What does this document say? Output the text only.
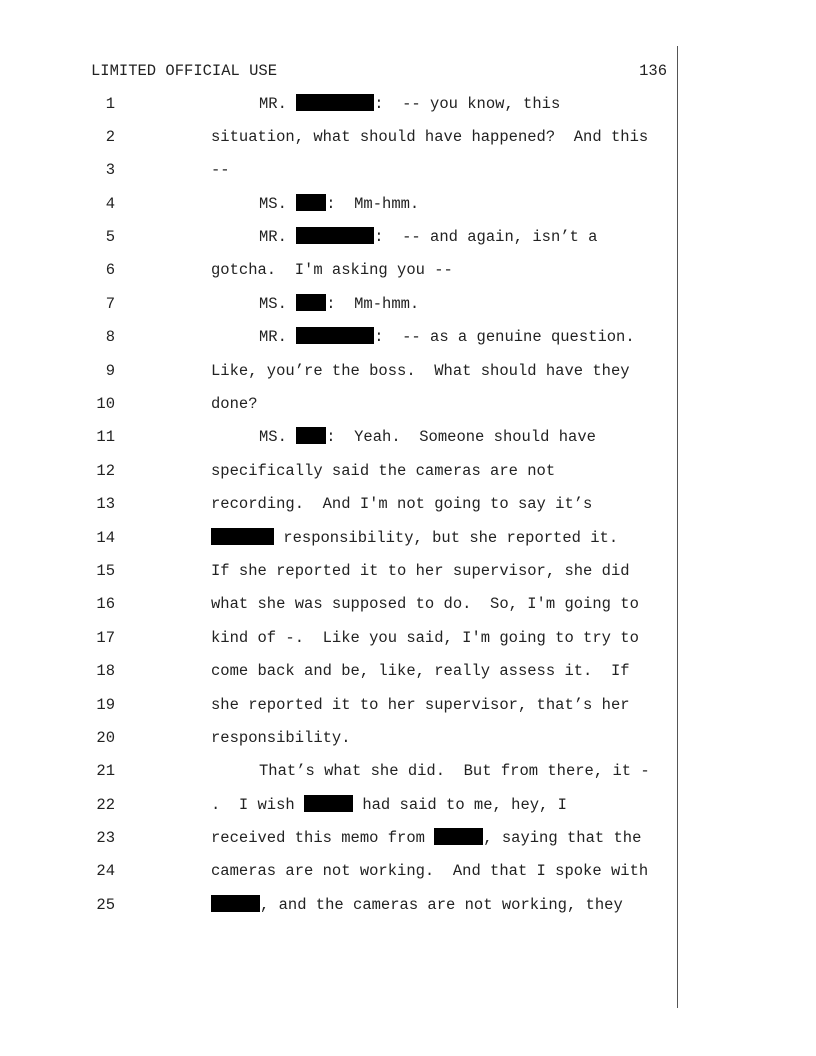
LIMITED OFFICIAL USE	136
1	MR.	:  -- you know, this
2	situation, what should have happened?  And this
3	--
4	MS. :  Mm-hmm.
5	MR.	:  -- and again, isn’t a
6	gotcha.  I'm asking you --
7	MS. :  Mm-hmm.
8	MR.	:  -- as a genuine question.
9	Like, you’re the boss.  What should have they
10	done?
11	MS. :  Yeah.  Someone should have
12	specifically said the cameras are not
13	recording.  And I'm not going to say it’s
14	responsibility, but she reported it.
15	If she reported it to her supervisor, she did
16	what she was supposed to do.  So, I'm going to
17	kind of -.  Like you said, I'm going to try to
18	come back and be, like, really assess it.  If
19	she reported it to her supervisor, that’s her
20	responsibility.
21	That’s what she did.  But from there, it -
22	.  I wish	had said to me, hey, I
23	received this memo from	, saying that the
24	cameras are not working.  And that I spoke with
25	, and the cameras are not working, they
